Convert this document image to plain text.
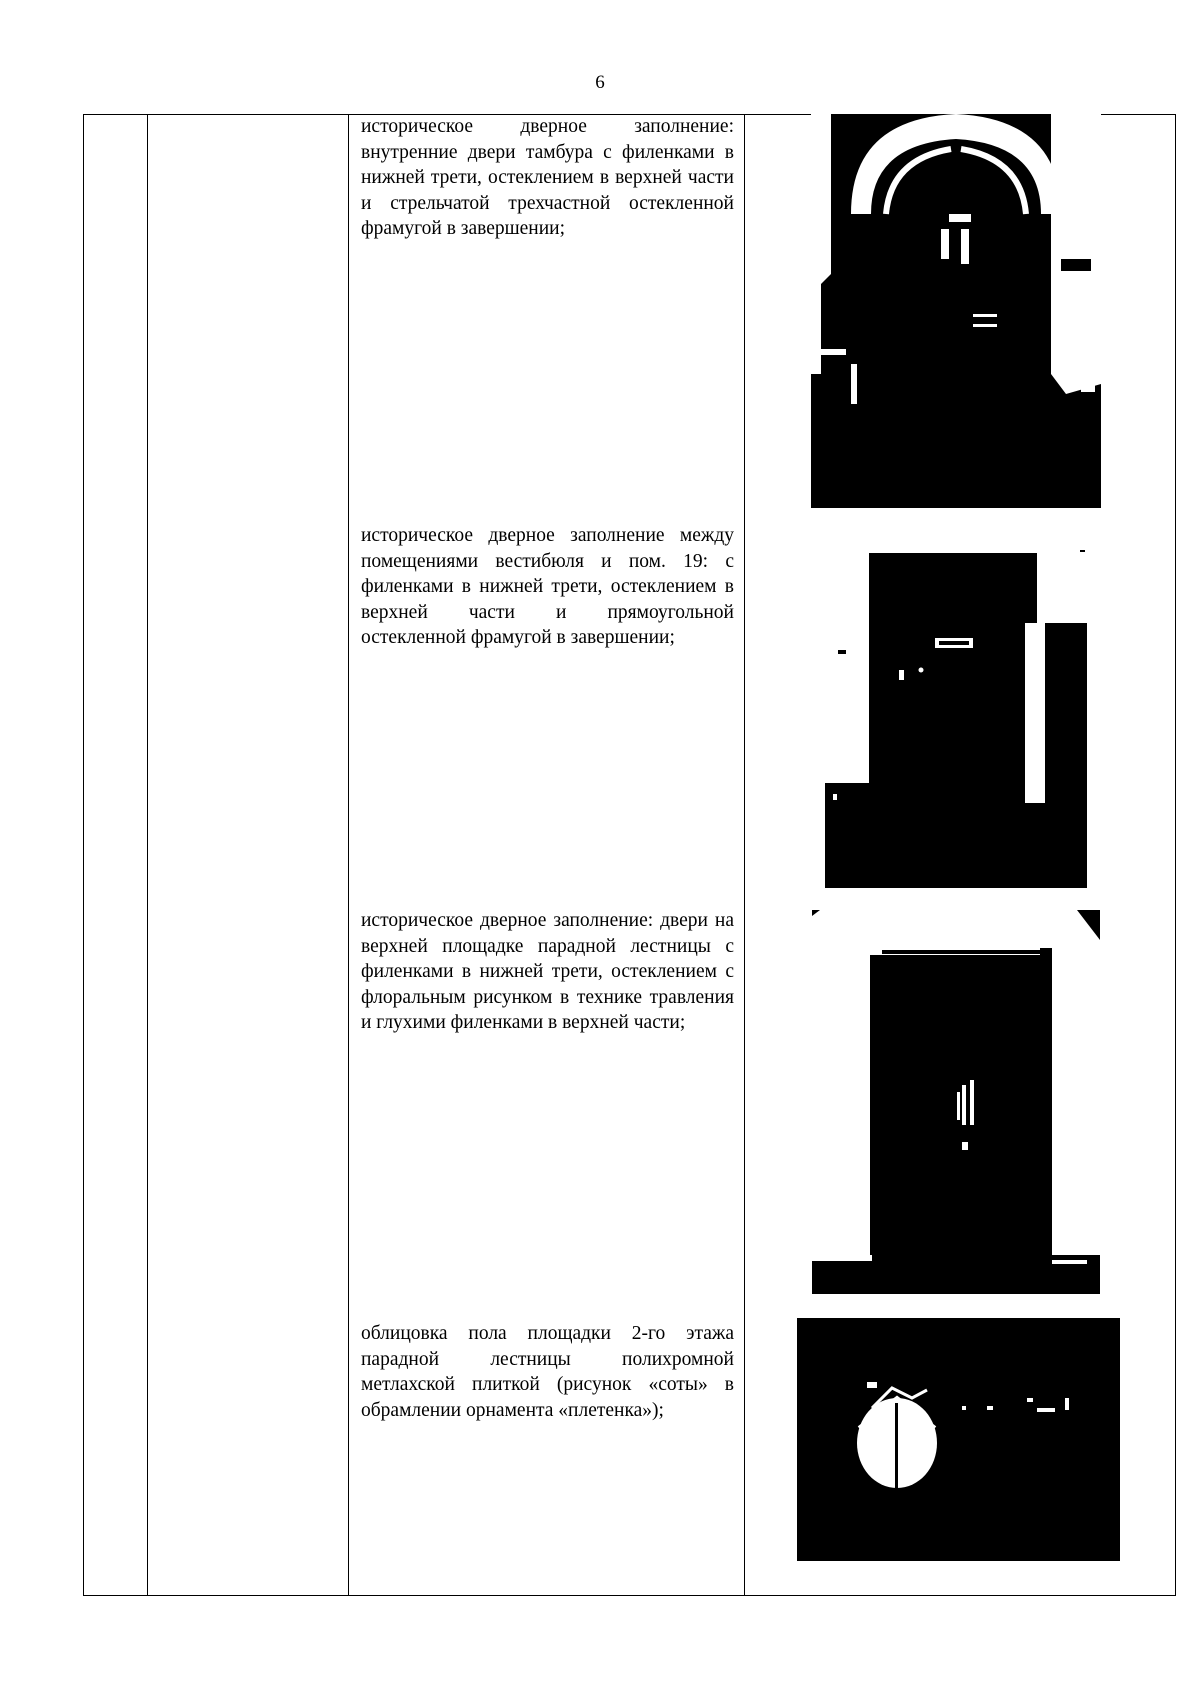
6

историческое дверное заполнение: внутренние двери тамбура с филенками в нижней трети, остеклением в верхней части и стрельчатой трехчастной остекленной фрамугой в завершении;

историческое дверное заполнение между помещениями вестибюля и пом. 19: с филенками в нижней трети, остеклением в верхней части и прямоугольной остекленной фрамугой в завершении;

историческое дверное заполнение: двери на верхней площадке парадной лестницы с филенками в нижней трети, остеклением с флоральным рисунком в технике травления и глухими филенками в верхней части;

облицовка пола площадки 2-го этажа парадной лестницы полихромной метлахской плиткой (рисунок «соты» в обрамлении орнамента «плетенка»);
